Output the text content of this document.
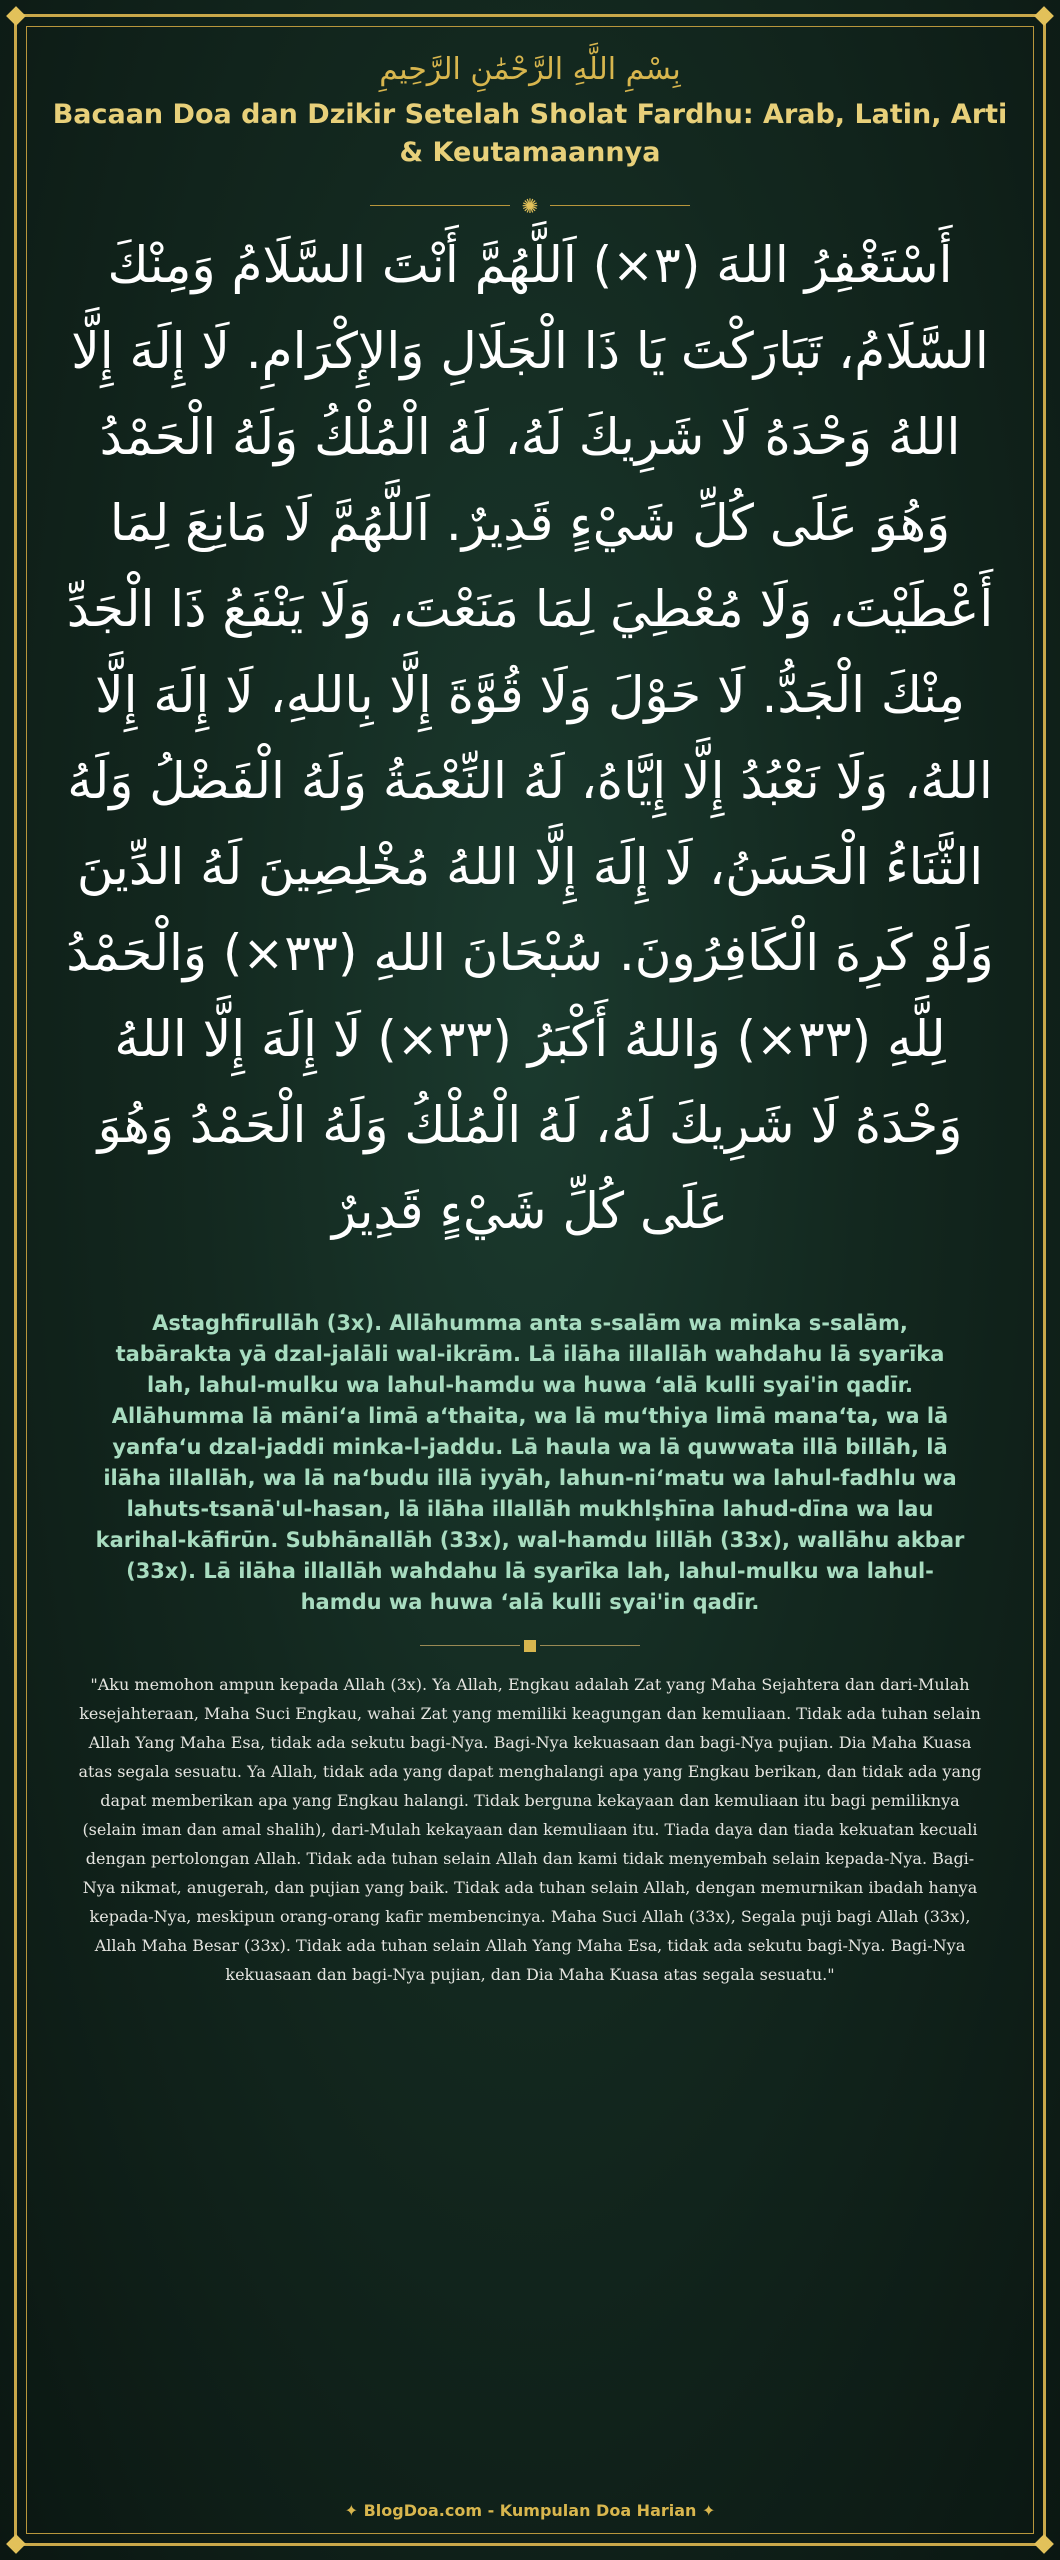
بِسْمِ اللَّهِ الرَّحْمَٰنِ الرَّحِيمِ

Bacaan Doa dan Dzikir Setelah Sholat Fardhu: Arab, Latin, Arti & Keutamaannya
✺

أَسْتَغْفِرُ اللهَ (٣×) اَللَّهُمَّ أَنْتَ السَّلَامُ وَمِنْكَ السَّلَامُ، تَبَارَكْتَ يَا ذَا الْجَلَالِ وَالإِكْرَامِ. لَا إِلَهَ إِلَّا اللهُ وَحْدَهُ لَا شَرِيكَ لَهُ، لَهُ الْمُلْكُ وَلَهُ الْحَمْدُ وَهُوَ عَلَى كُلِّ شَيْءٍ قَدِيرٌ. اَللَّهُمَّ لَا مَانِعَ لِمَا أَعْطَيْتَ، وَلَا مُعْطِيَ لِمَا مَنَعْتَ، وَلَا يَنْفَعُ ذَا الْجَدِّ مِنْكَ الْجَدُّ. لَا حَوْلَ وَلَا قُوَّةَ إِلَّا بِاللهِ، لَا إِلَهَ إِلَّا اللهُ، وَلَا نَعْبُدُ إِلَّا إِيَّاهُ، لَهُ النِّعْمَةُ وَلَهُ الْفَضْلُ وَلَهُ الثَّنَاءُ الْحَسَنُ، لَا إِلَهَ إِلَّا اللهُ مُخْلِصِينَ لَهُ الدِّينَ وَلَوْ كَرِهَ الْكَافِرُونَ. سُبْحَانَ اللهِ (٣٣×) وَالْحَمْدُ لِلَّهِ (٣٣×) وَاللهُ أَكْبَرُ (٣٣×) لَا إِلَهَ إِلَّا اللهُ وَحْدَهُ لَا شَرِيكَ لَهُ، لَهُ الْمُلْكُ وَلَهُ الْحَمْدُ وَهُوَ عَلَى كُلِّ شَيْءٍ قَدِيرٌ

Astaghfirullāh (3x). Allāhumma anta s-salām wa minka s-salām, tabārakta yā dzal-jalāli wal-ikrām. Lā ilāha illallāh wahdahu lā syarīka lah, lahul-mulku wa lahul-hamdu wa huwa ‘alā kulli syai'in qadīr. Allāhumma lā māni‘a limā a‘thaita, wa lā mu‘thiya limā mana‘ta, wa lā yanfa‘u dzal-jaddi minka-l-jaddu. Lā haula wa lā quwwata illā billāh, lā ilāha illallāh, wa lā na‘budu illā iyyāh, lahun-ni‘matu wa lahul-fadhlu wa lahuts-tsanā'ul-hasan, lā ilāha illallāh mukhlṣhīna lahud-dīna wa lau karihal-kāfirūn. Subhānallāh (33x), wal-hamdu lillāh (33x), wallāhu akbar (33x). Lā ilāha illallāh wahdahu lā syarīka lah, lahul-mulku wa lahul-hamdu wa huwa ‘alā kulli syai'in qadīr.

"Aku memohon ampun kepada Allah (3x). Ya Allah, Engkau adalah Zat yang Maha Sejahtera dan dari-Mulah kesejahteraan, Maha Suci Engkau, wahai Zat yang memiliki keagungan dan kemuliaan. Tidak ada tuhan selain Allah Yang Maha Esa, tidak ada sekutu bagi-Nya. Bagi-Nya kekuasaan dan bagi-Nya pujian. Dia Maha Kuasa atas segala sesuatu. Ya Allah, tidak ada yang dapat menghalangi apa yang Engkau berikan, dan tidak ada yang dapat memberikan apa yang Engkau halangi. Tidak berguna kekayaan dan kemuliaan itu bagi pemiliknya (selain iman dan amal shalih), dari-Mulah kekayaan dan kemuliaan itu. Tiada daya dan tiada kekuatan kecuali dengan pertolongan Allah. Tidak ada tuhan selain Allah dan kami tidak menyembah selain kepada-Nya. Bagi-Nya nikmat, anugerah, dan pujian yang baik. Tidak ada tuhan selain Allah, dengan memurnikan ibadah hanya kepada-Nya, meskipun orang-orang kafir membencinya. Maha Suci Allah (33x), Segala puji bagi Allah (33x), Allah Maha Besar (33x). Tidak ada tuhan selain Allah Yang Maha Esa, tidak ada sekutu bagi-Nya. Bagi-Nya kekuasaan dan bagi-Nya pujian, dan Dia Maha Kuasa atas segala sesuatu."

✦ BlogDoa.com - Kumpulan Doa Harian ✦
